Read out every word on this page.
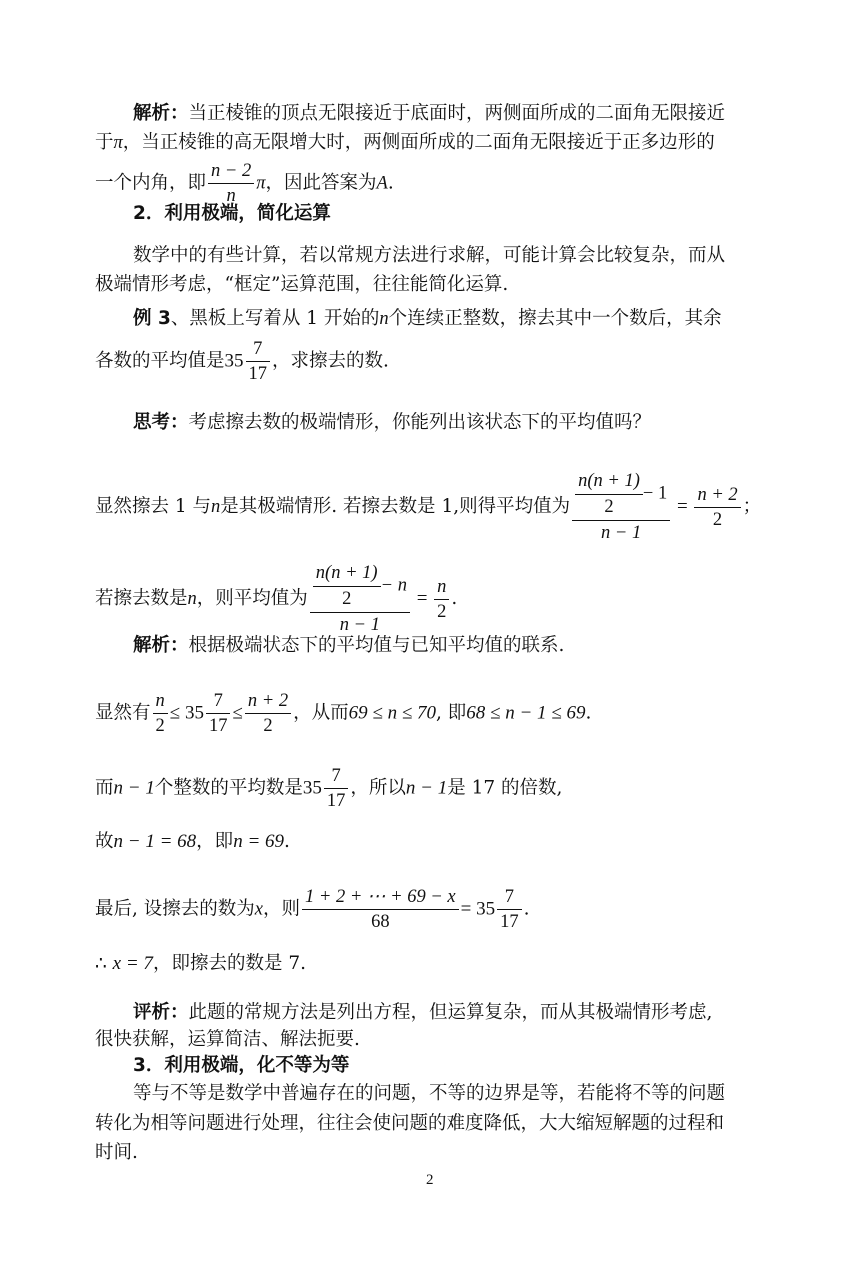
解析：当正棱锥的顶点无限接近于底面时，两侧面所成的二面角无限接近
于π，当正棱锥的高无限增大时，两侧面所成的二面角无限接近于正多边形的
一个内角，即 $\frac{n - 2}{n}$ π，因此答案为A.
2．利用极端，简化运算
数学中的有些计算，若以常规方法进行求解，可能计算会比较复杂，而从
极端情形考虑，“框定”运算范围，往往能简化运算.
例 3、黑板上写着从 1 开始的n个连续正整数，擦去其中一个数后，其余
各数的平均值是$35 \frac{7}{17}$ ，求擦去的数.
思考：考虑擦去数的极端情形，你能列出该状态下的平均值吗？
显然擦去 1 与n是其极端情形. 若擦去数是 1,则得平均值为 $\frac{\frac{n(n + 1)}{2} - 1}{n - 1} = \frac{n + 2}{2}$ ；
若擦去数是n，则平均值为 $\frac{\frac{n(n + 1)}{2} - n}{n - 1} = \frac{n}{2}$ .
解析：根据极端状态下的平均值与已知平均值的联系.
显然有 $\frac{n}{2} \le 35 \frac{7}{17} \le \frac{n + 2}{2}$ ，从而69 ≤ n ≤ 70, 即68 ≤ n − 1 ≤ 69.
而n − 1个整数的平均数是$35 \frac{7}{17}$ ，所以n − 1是 17 的倍数,
故n − 1 = 68，即n = 69.
最后, 设擦去的数为x，则 $\frac{1 + 2 + \cdots + 69 - x}{68} = 35 \frac{7}{17}$ .
∴ x = 7，即擦去的数是 7.
评析：此题的常规方法是列出方程，但运算复杂，而从其极端情形考虑,
很快获解，运算简洁、解法扼要.
3．利用极端，化不等为等
等与不等是数学中普遍存在的问题，不等的边界是等，若能将不等的问题
转化为相等问题进行处理，往往会使问题的难度降低，大大缩短解题的过程和
时间.
2
